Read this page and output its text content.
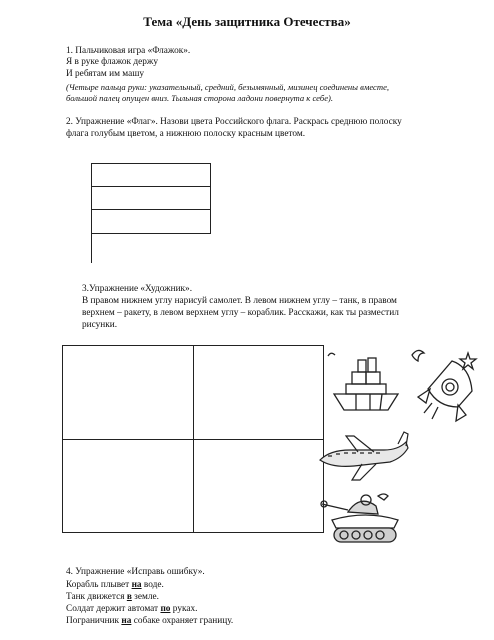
Тема «День защитника Отечества»
1. Пальчиковая игра «Флажок».
Я в руке флажок держу
И ребятам им машу
(Четыре пальца руки: указательный, средний, безымянный, мизинец соединены вместе,
большой палец опущен вниз. Тыльная сторона ладони повернута к себе).
2. Упражнение «Флаг». Назови цвета Российского флага. Раскрась среднюю полоску
флага голубым цветом, а нижнюю полоску красным цветом.
3.Упражнение «Художник».
В правом нижнем углу нарисуй самолет. В левом нижнем углу – танк, в правом
верхнем – ракету, в левом верхнем углу – кораблик. Расскажи, как ты разместил
рисунки.
4. Упражнение «Исправь ошибку».
Корабль плывет на воде.
Танк движется в земле.
Солдат держит автомат по руках.
Пограничник на собаке охраняет границу.
